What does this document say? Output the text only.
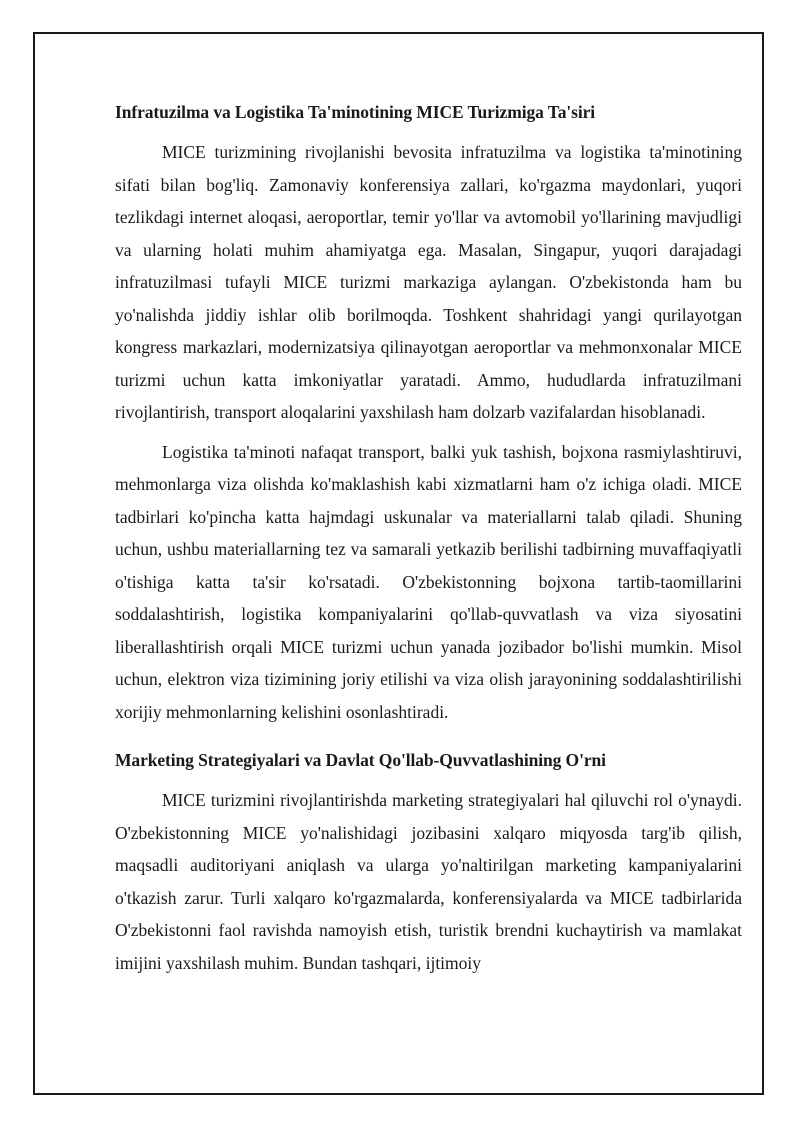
Infratuzilma va Logistika Ta'minotining MICE Turizmiga Ta'siri

MICE turizmining rivojlanishi bevosita infratuzilma va logistika ta'minotining sifati bilan bog'liq. Zamonaviy konferensiya zallari, ko'rgazma maydonlari, yuqori tezlikdagi internet aloqasi, aeroportlar, temir yo'llar va avtomobil yo'llarining mavjudligi va ularning holati muhim ahamiyatga ega. Masalan, Singapur, yuqori darajadagi infratuzilmasi tufayli MICE turizmi markaziga aylangan. O'zbekistonda ham bu yo'nalishda jiddiy ishlar olib borilmoqda. Toshkent shahridagi yangi qurilayotgan kongress markazlari, modernizatsiya qilinayotgan aeroportlar va mehmonxonalar MICE turizmi uchun katta imkoniyatlar yaratadi. Ammo, hududlarda infratuzilmani rivojlantirish, transport aloqalarini yaxshilash ham dolzarb vazifalardan hisoblanadi.

Logistika ta'minoti nafaqat transport, balki yuk tashish, bojxona rasmiylashtiruvi, mehmonlarga viza olishda ko'maklashish kabi xizmatlarni ham o'z ichiga oladi. MICE tadbirlari ko'pincha katta hajmdagi uskunalar va materiallarni talab qiladi. Shuning uchun, ushbu materiallarning tez va samarali yetkazib berilishi tadbirning muvaffaqiyatli o'tishiga katta ta'sir ko'rsatadi. O'zbekistonning bojxona tartib-taomillarini soddalashtirish, logistika kompaniyalarini qo'llab-quvvatlash va viza siyosatini liberallashtirish orqali MICE turizmi uchun yanada jozibador bo'lishi mumkin. Misol uchun, elektron viza tizimining joriy etilishi va viza olish jarayonining soddalashtirilishi xorijiy mehmonlarning kelishini osonlashtiradi.

Marketing Strategiyalari va Davlat Qo'llab-Quvvatlashining O'rni

MICE turizmini rivojlantirishda marketing strategiyalari hal qiluvchi rol o'ynaydi. O'zbekistonning MICE yo'nalishidagi jozibasini xalqaro miqyosda targ'ib qilish, maqsadli auditoriyani aniqlash va ularga yo'naltirilgan marketing kampaniyalarini o'tkazish zarur. Turli xalqaro ko'rgazmalarda, konferensiyalarda va MICE tadbirlarida O'zbekistonni faol ravishda namoyish etish, turistik brendni kuchaytirish va mamlakat imijini yaxshilash muhim. Bundan tashqari, ijtimoiy
